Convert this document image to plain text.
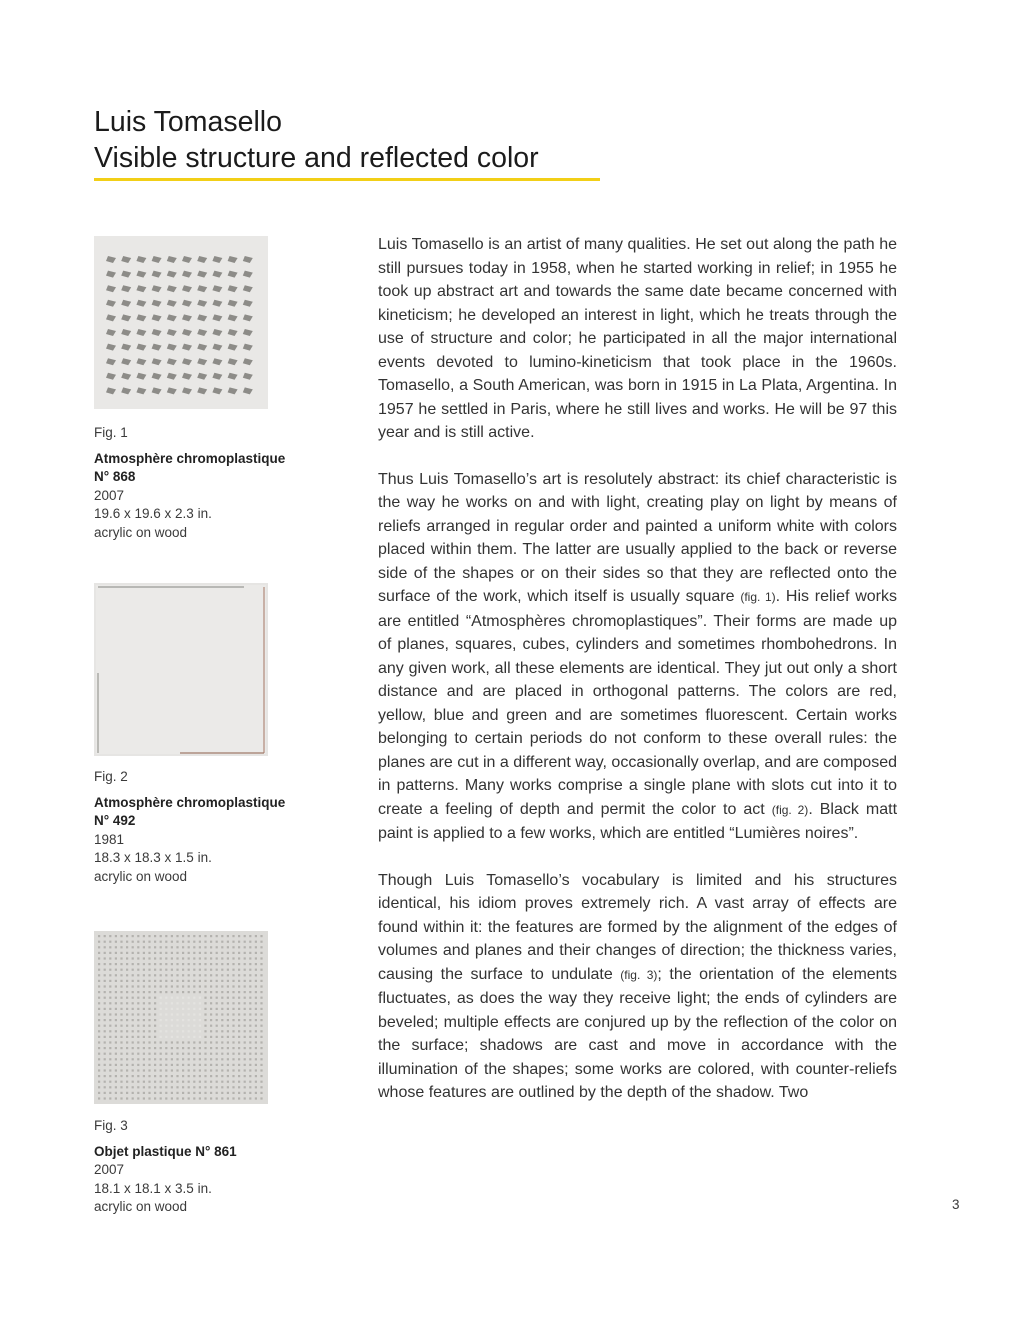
Luis Tomasello
Visible structure and reflected color
Fig. 1
Atmosphère chromoplastique N° 868
2007
19.6 x 19.6 x 2.3 in.
acrylic on wood
Fig. 2
Atmosphère chromoplastique N° 492
1981
18.3 x 18.3 x 1.5 in.
acrylic on wood
Fig. 3
Objet plastique N° 861
2007
18.1 x 18.1 x 3.5 in.
acrylic on wood

Luis Tomasello is an artist of many qualities. He set out along the path he still pursues today in 1958, when he started working in relief; in 1955 he took up abstract art and towards the same date became concerned with kineticism; he developed an interest in light, which he treats through the use of structure and color; he participated in all the major international events devoted to lumino-kineticism that took place in the 1960s. Tomasello, a South American, was born in 1915 in La Plata, Argentina. In 1957 he settled in Paris, where he still lives and works. He will be 97 this year and is still active.

Thus Luis Tomasello’s art is resolutely abstract: its chief characteristic is the way he works on and with light, creating play on light by means of reliefs arranged in regular order and painted a uniform white with colors placed within them. The latter are usually applied to the back or reverse side of the shapes or on their sides so that they are reflected onto the surface of the work, which itself is usually square (fig. 1). His relief works are entitled “Atmosphères chromoplastiques”. Their forms are made up of planes, squares, cubes, cylinders and sometimes rhombohedrons. In any given work, all these elements are identical. They jut out only a short distance and are placed in orthogonal patterns. The colors are red, yellow, blue and green and are sometimes fluorescent. Certain works belonging to certain periods do not conform to these overall rules: the planes are cut in a different way, occasionally overlap, and are composed in patterns. Many works comprise a single plane with slots cut into it to create a feeling of depth and permit the color to act (fig. 2). Black matt paint is applied to a few works, which are entitled “Lumières noires”.

Though Luis Tomasello’s vocabulary is limited and his structures identical, his idiom proves extremely rich. A vast array of effects are found within it: the features are formed by the alignment of the edges of volumes and planes and their changes of direction; the thickness varies, causing the surface to undulate (fig. 3); the orientation of the elements fluctuates, as does the way they receive light; the ends of cylinders are beveled; multiple effects are conjured up by the reflection of the color on the surface; shadows are cast and move in accordance with the illumination of the shapes; some works are colored, with counter-reliefs whose features are outlined by the depth of the shadow. Two

3
